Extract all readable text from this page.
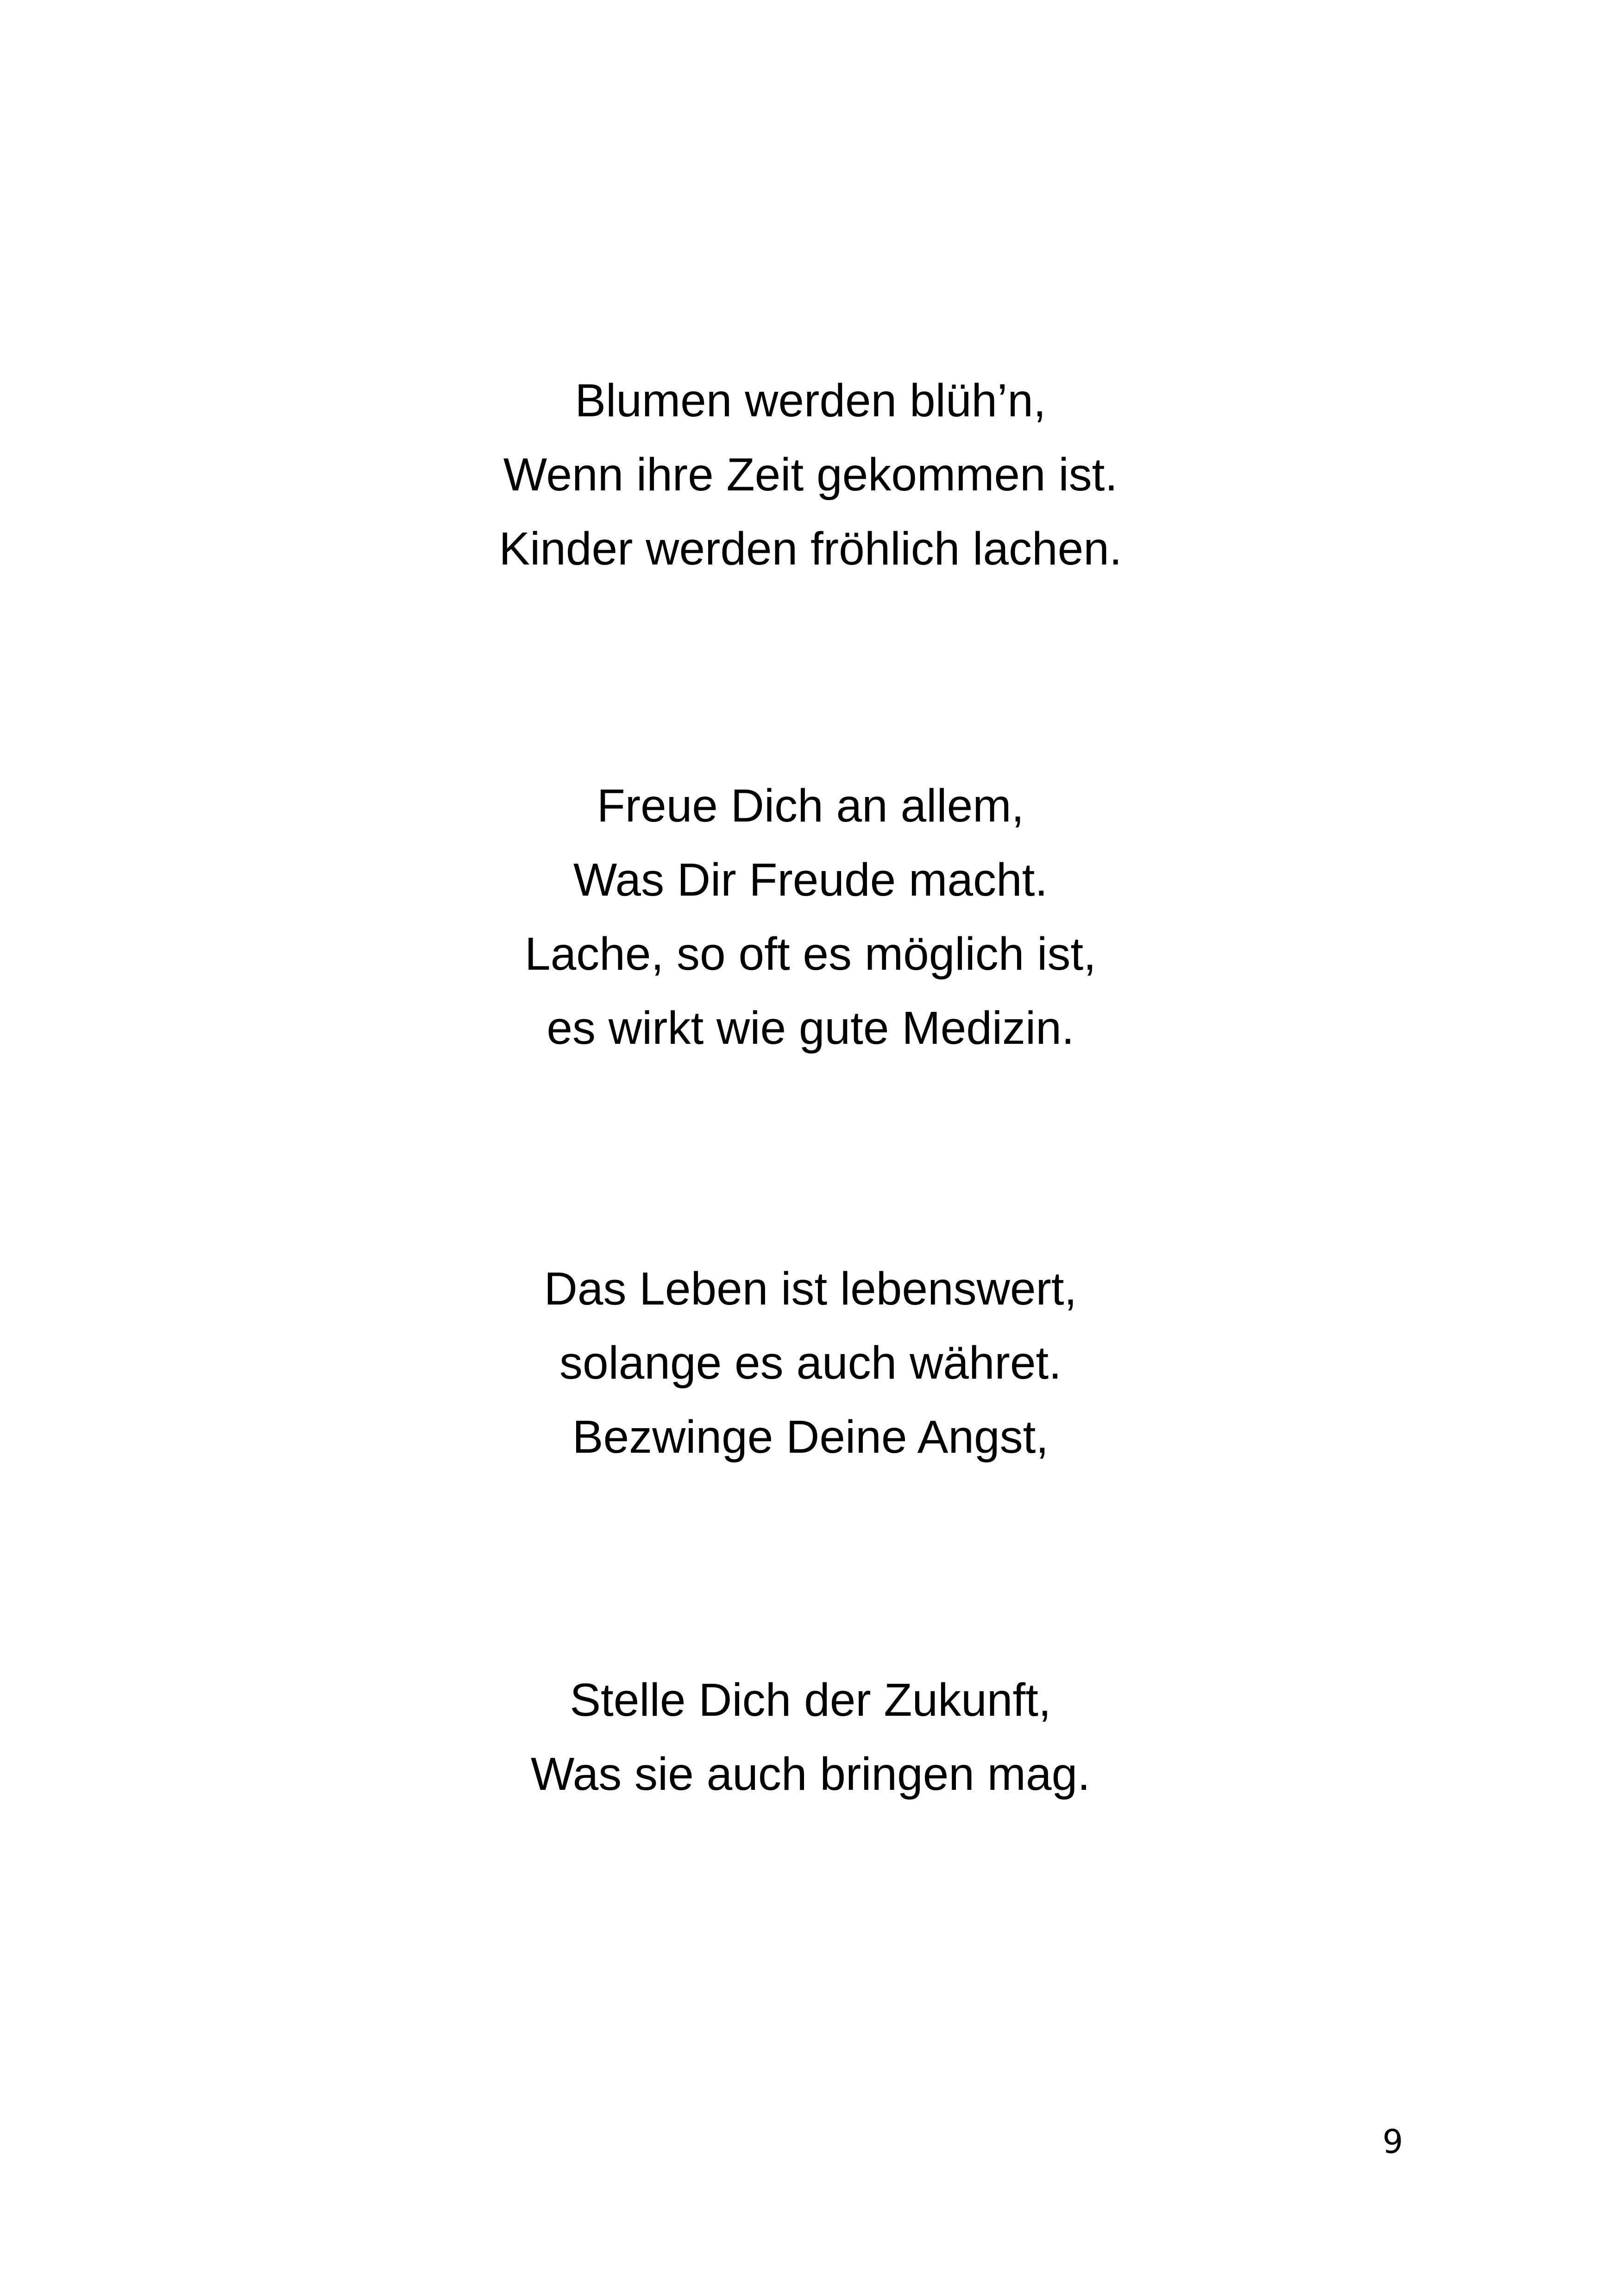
Blumen werden blüh’n,
Wenn ihre Zeit gekommen ist.
Kinder werden fröhlich lachen.
Freue Dich an allem,
Was Dir Freude macht.
Lache, so oft es möglich ist,
es wirkt wie gute Medizin.
Das Leben ist lebenswert,
solange es auch währet.
Bezwinge Deine Angst,
Stelle Dich der Zukunft,
Was sie auch bringen mag.
9
